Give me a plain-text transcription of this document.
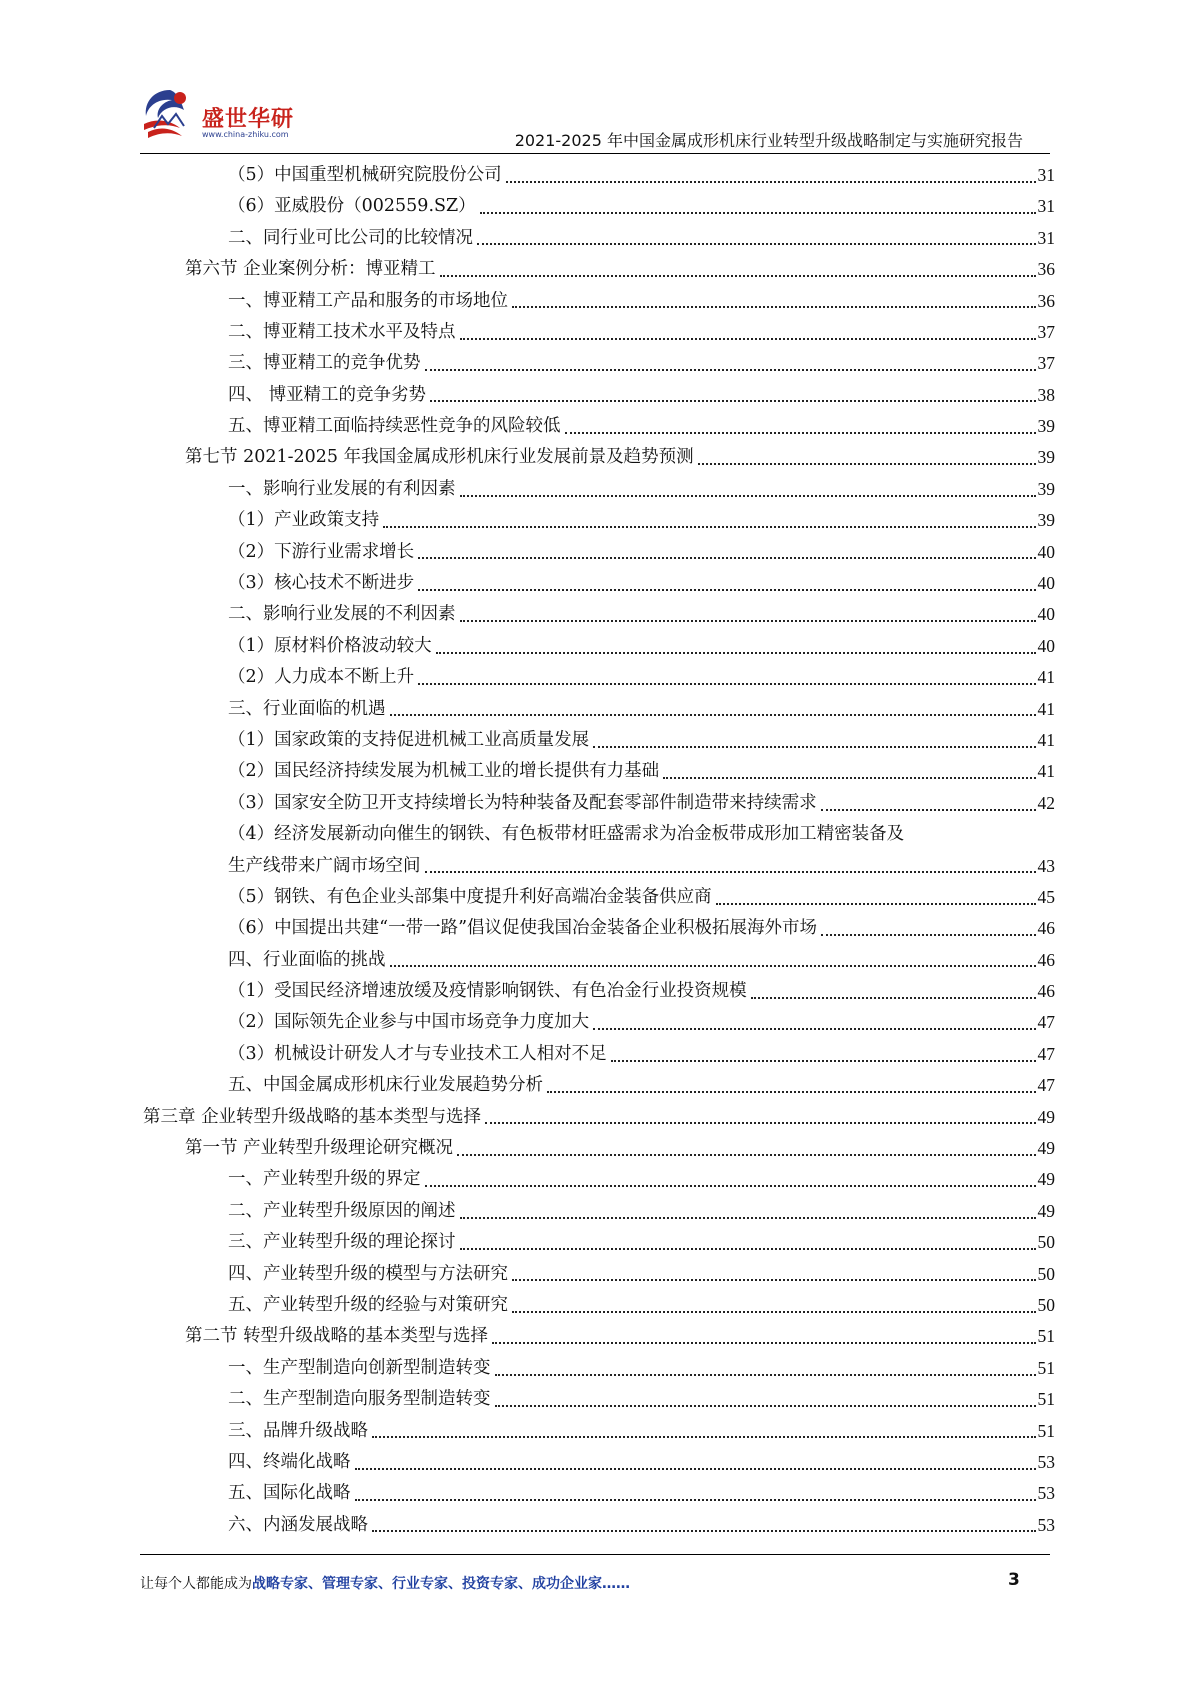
盛世华研
www.china-zhiku.com	2021-2025 年中国金属成形机床行业转型升级战略制定与实施研究报告
（5）中国重型机械研究院股份公司	31
（6）亚威股份（002559.SZ）	31
二、同行业可比公司的比较情况	31
第六节 企业案例分析：博亚精工	36
一、博亚精工产品和服务的市场地位	36
二、博亚精工技术水平及特点	37
三、博亚精工的竞争优势	37
四、 博亚精工的竞争劣势	38
五、博亚精工面临持续恶性竞争的风险较低	39
第七节 2021-2025 年我国金属成形机床行业发展前景及趋势预测	39
一、影响行业发展的有利因素	39
（1）产业政策支持	39
（2）下游行业需求增长	40
（3）核心技术不断进步	40
二、影响行业发展的不利因素	40
（1）原材料价格波动较大	40
（2）人力成本不断上升	41
三、行业面临的机遇	41
（1）国家政策的支持促进机械工业高质量发展	41
（2）国民经济持续发展为机械工业的增长提供有力基础	41
（3）国家安全防卫开支持续增长为特种装备及配套零部件制造带来持续需求	42
（4）经济发展新动向催生的钢铁、有色板带材旺盛需求为冶金板带成形加工精密装备及
生产线带来广阔市场空间	43
（5）钢铁、有色企业头部集中度提升利好高端冶金装备供应商	45
（6）中国提出共建“一带一路”倡议促使我国冶金装备企业积极拓展海外市场	46
四、行业面临的挑战	46
（1）受国民经济增速放缓及疫情影响钢铁、有色冶金行业投资规模	46
（2）国际领先企业参与中国市场竞争力度加大	47
（3）机械设计研发人才与专业技术工人相对不足	47
五、中国金属成形机床行业发展趋势分析	47
第三章 企业转型升级战略的基本类型与选择	49
第一节 产业转型升级理论研究概况	49
一、产业转型升级的界定	49
二、产业转型升级原因的阐述	49
三、产业转型升级的理论探讨	50
四、产业转型升级的模型与方法研究	50
五、产业转型升级的经验与对策研究	50
第二节 转型升级战略的基本类型与选择	51
一、生产型制造向创新型制造转变	51
二、生产型制造向服务型制造转变	51
三、品牌升级战略	51
四、终端化战略	53
五、国际化战略	53
六、内涵发展战略	53
让每个人都能成为战略专家、管理专家、行业专家、投资专家、成功企业家……	3
